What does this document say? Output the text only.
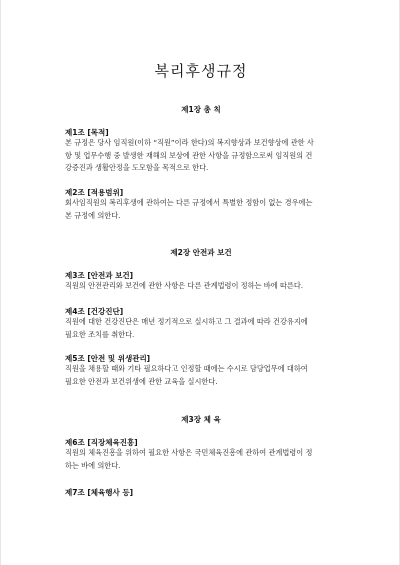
복리후생규정
제1장 총 칙
제1조 [목적]
본 규정은 당사 임직원(이하 “직원”이라 한다)의 복지향상과 보건향상에 관한 사
항 및 업무수행 중 발생한 재해의 보상에 관한 사항을 규정함으로써 임직원의 건
강증진과 생활안정을 도모함을 목적으로 한다.
제2조 [적용범위]
회사임직원의 복리후생에 관하여는 다른 규정에서 특별한 정함이 없는 경우에는
본 규정에 의한다.
제2장 안전과 보건
제3조 [안전과 보건]
직원의 안전관리와 보건에 관한 사항은 다른 관계법령이 정하는 바에 따른다.
제4조 [건강진단]
직원에 대한 건강진단은 매년 정기적으로 실시하고 그 결과에 따라 건강유지에
필요한 조치를 취한다.
제5조 [안전 및 위생관리]
직원을 채용할 때와 기타 필요하다고 인정할 때에는 수시로 담당업무에 대하여
필요한 안전과 보건위생에 관한 교육을 실시한다.
제3장 체 육
제6조 [직장체육진흥]
직원의 체육진흥을 위하여 필요한 사항은 국민체육진흥에 관하여 관계법령이 정
하는 바에 의한다.
제7조 [체육행사 등]
